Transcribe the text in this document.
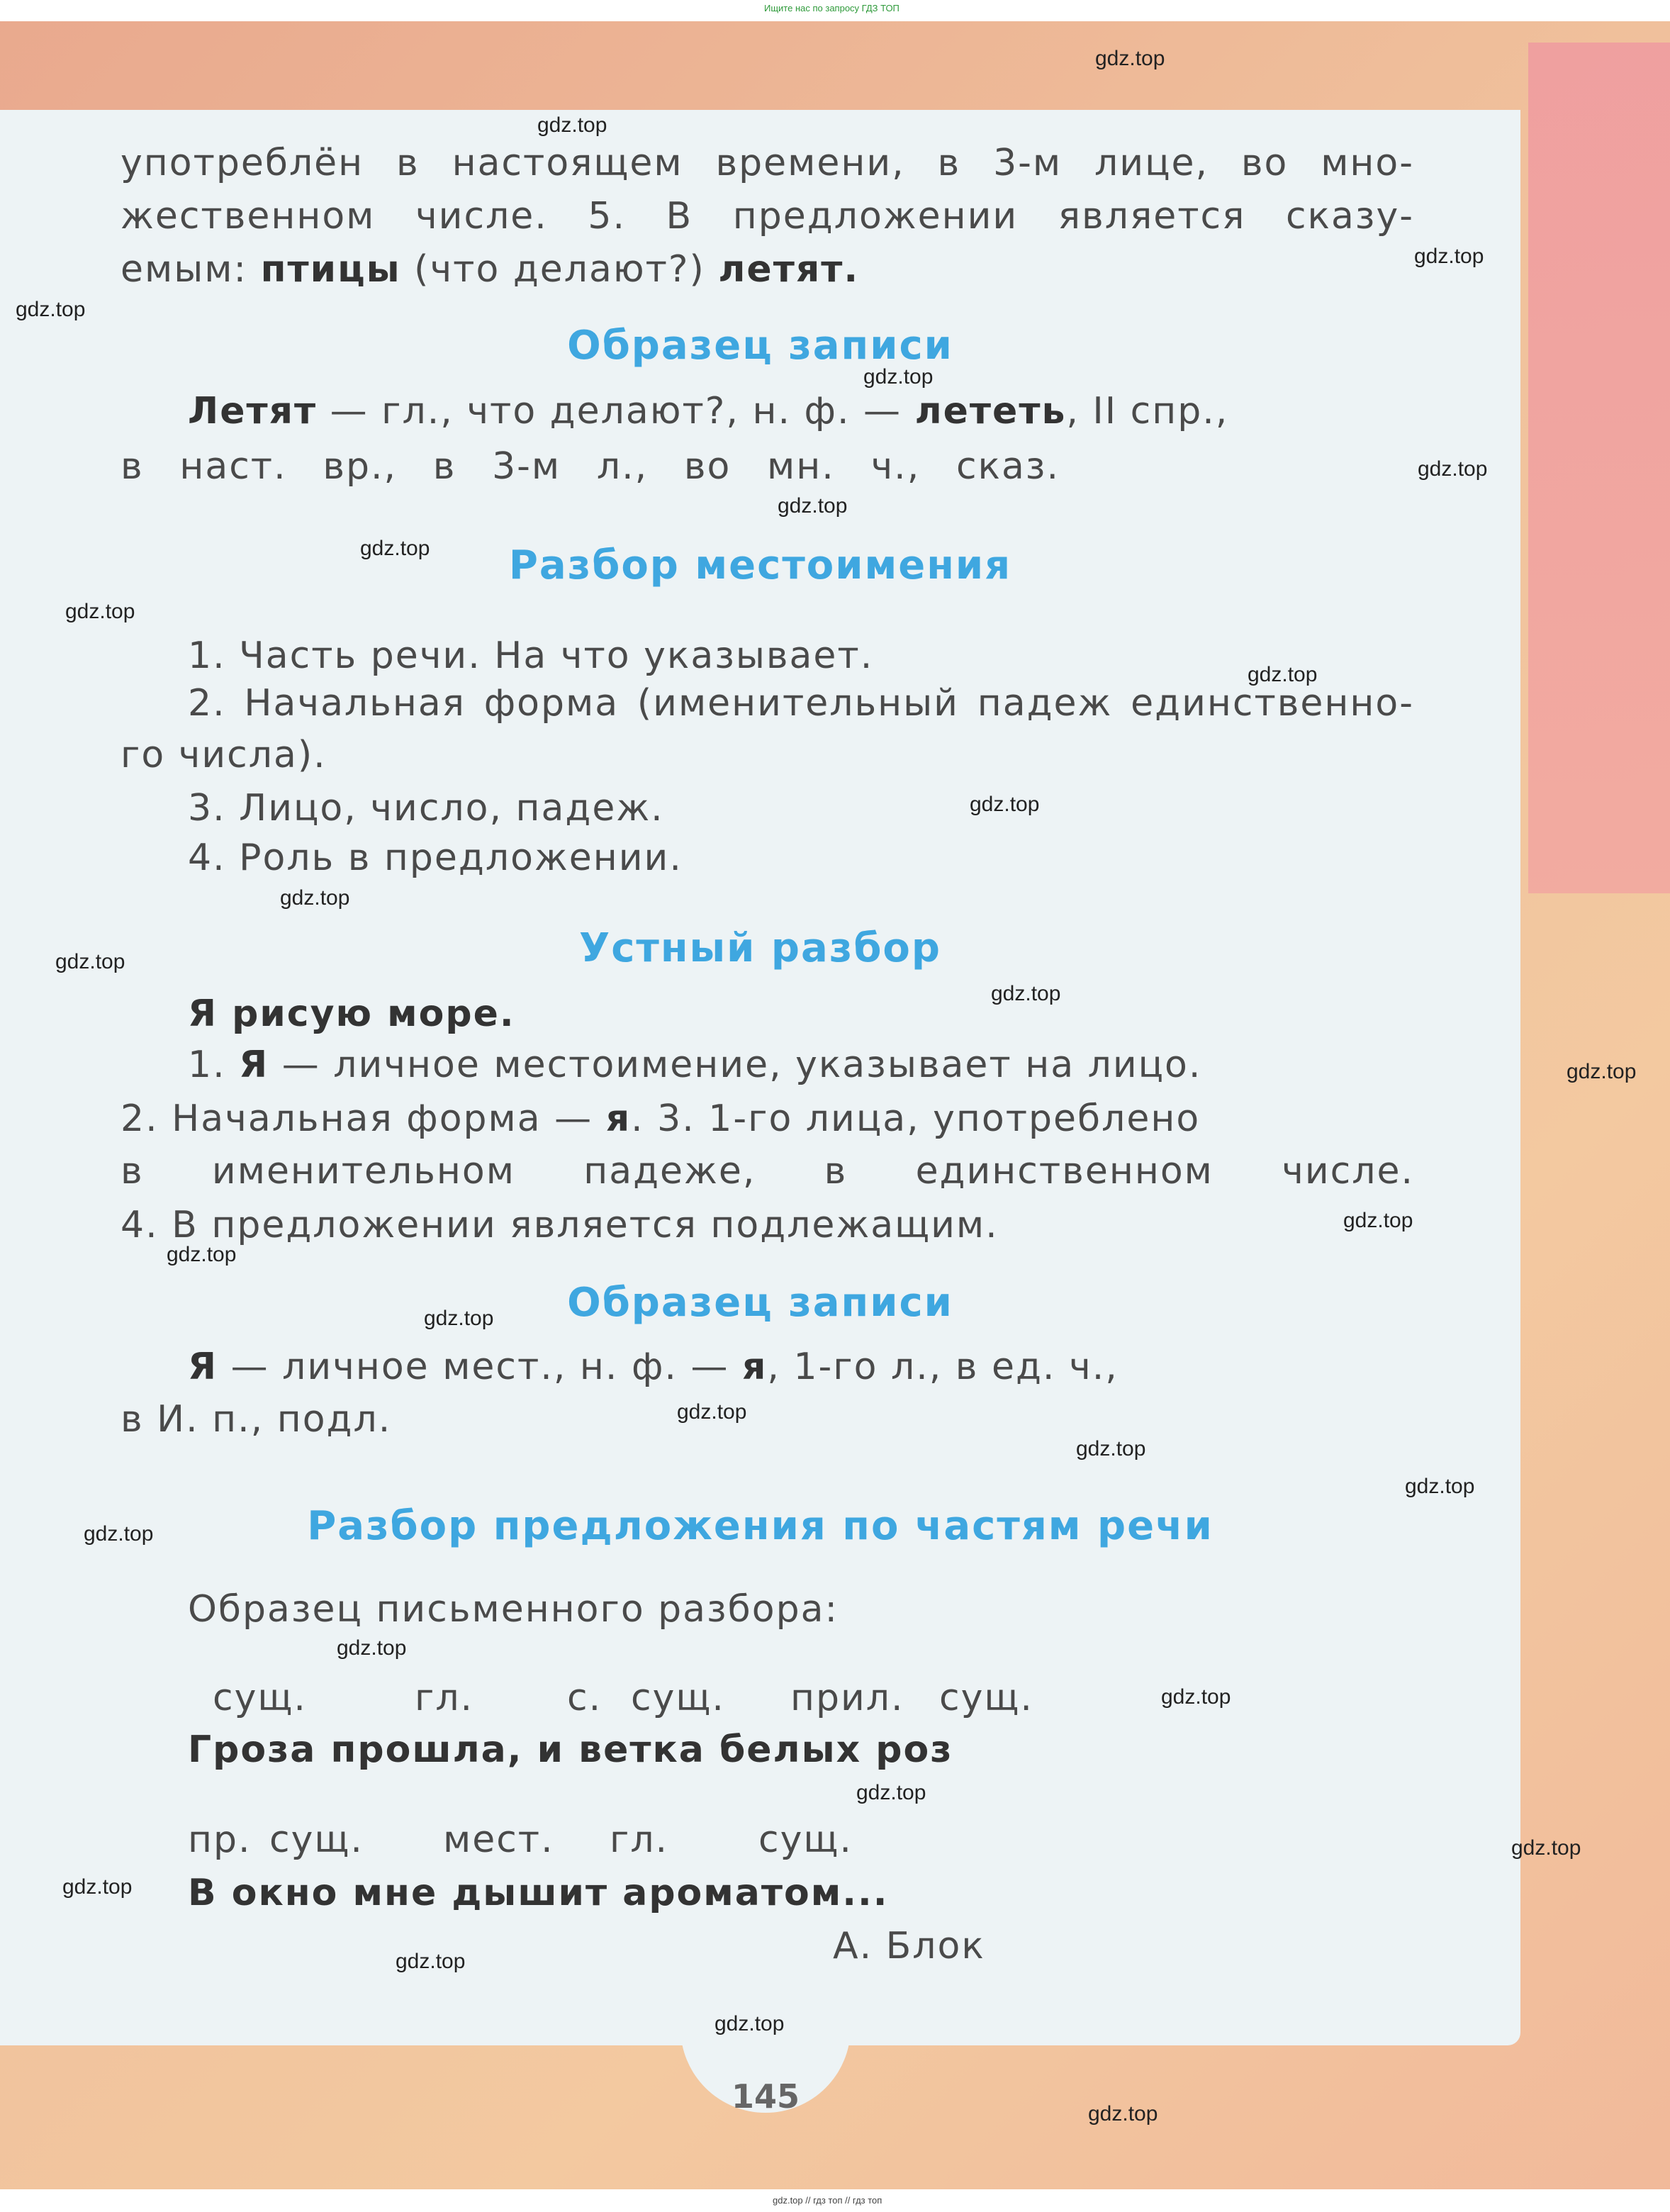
Ищите нас по запросу ГДЗ ТОП
145
употреблён в настоящем времени, в 3-м лице, во мно-
жественном числе. 5. В предложении является сказу-
емым: птицы (что делают?) летят.
Образец записи
Летят — гл., что делают?, н. ф. — лететь, II спр.,
в наст. вр., в 3-м л., во мн. ч., сказ.
Разбор местоимения
1. Часть речи. На что указывает.
2. Начальная форма (именительный падеж единственно-
го числа).
3. Лицо, число, падеж.
4. Роль в предложении.
Устный разбор
Я рисую море.
1. Я — личное местоимение, указывает на лицо.
2. Начальная форма — я. 3. 1-го лица, употреблено
в именительном падеже, в единственном числе.
4. В предложении является подлежащим.
Образец записи
Я — личное мест., н. ф. — я, 1-го л., в ед. ч.,
в И. п., подл.
Разбор предложения по частям речи
Образец письменного разбора:
сущ.	гл.	с. сущ. прил. сущ.
Гроза прошла, и ветка белых роз
пр. сущ. мест. гл. сущ.
В окно мне дышит ароматом...
А. Блок
gdz.top
gdz.top
gdz.top
gdz.top
gdz.top
gdz.top
gdz.top
gdz.top
gdz.top
gdz.top
gdz.top
gdz.top
gdz.top
gdz.top
gdz.top
gdz.top
gdz.top
gdz.top
gdz.top
gdz.top
gdz.top
gdz.top
gdz.top
gdz.top
gdz.top
gdz.top
gdz.top
gdz.top
gdz.top
gdz.top
gdz.top // гдз топ // гдз топ
